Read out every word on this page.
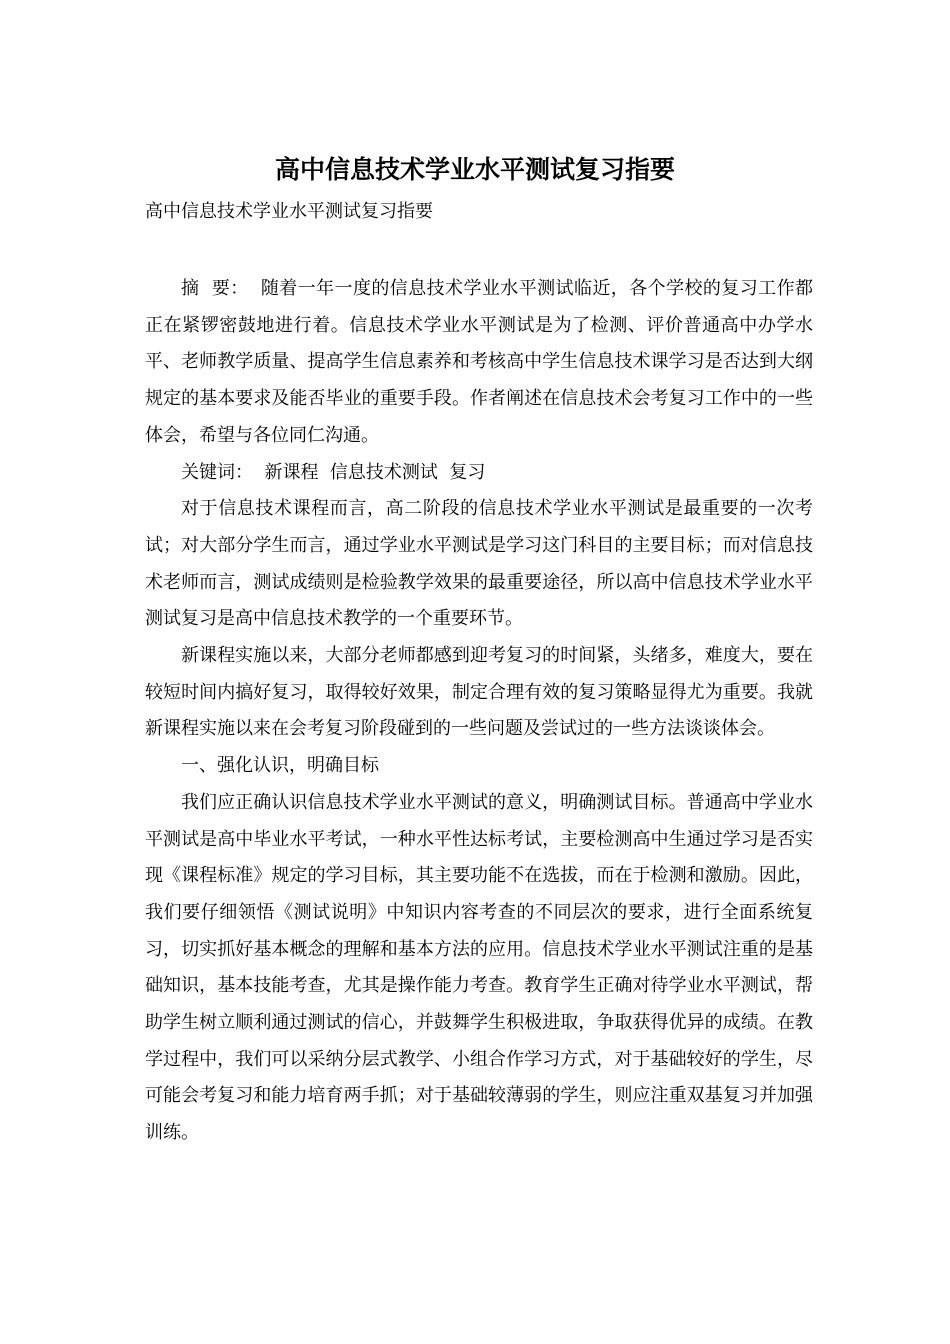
高中信息技术学业水平测试复习指要

高中信息技术学业水平测试复习指要

摘  要： 随着一年一度的信息技术学业水平测试临近，各个学校的复习工作都正在紧锣密鼓地进行着。信息技术学业水平测试是为了检测、评价普通高中办学水平、老师教学质量、提高学生信息素养和考核高中学生信息技术课学习是否达到大纲规定的基本要求及能否毕业的重要手段。作者阐述在信息技术会考复习工作中的一些体会，希望与各位同仁沟通。

关键词： 新课程  信息技术测试  复习

对于信息技术课程而言，高二阶段的信息技术学业水平测试是最重要的一次考试；对大部分学生而言，通过学业水平测试是学习这门科目的主要目标；而对信息技术老师而言，测试成绩则是检验教学效果的最重要途径，所以高中信息技术学业水平测试复习是高中信息技术教学的一个重要环节。

新课程实施以来，大部分老师都感到迎考复习的时间紧，头绪多，难度大，要在较短时间内搞好复习，取得较好效果，制定合理有效的复习策略显得尤为重要。我就新课程实施以来在会考复习阶段碰到的一些问题及尝试过的一些方法谈谈体会。

一、强化认识，明确目标

我们应正确认识信息技术学业水平测试的意义，明确测试目标。普通高中学业水平测试是高中毕业水平考试，一种水平性达标考试，主要检测高中生通过学习是否实现《课程标准》规定的学习目标，其主要功能不在选拔，而在于检测和激励。因此，我们要仔细领悟《测试说明》中知识内容考查的不同层次的要求，进行全面系统复习，切实抓好基本概念的理解和基本方法的应用。信息技术学业水平测试注重的是基础知识，基本技能考查，尤其是操作能力考查。教育学生正确对待学业水平测试，帮助学生树立顺利通过测试的信心，并鼓舞学生积极进取，争取获得优异的成绩。在教学过程中，我们可以采纳分层式教学、小组合作学习方式，对于基础较好的学生，尽可能会考复习和能力培育两手抓；对于基础较薄弱的学生，则应注重双基复习并加强训练。
